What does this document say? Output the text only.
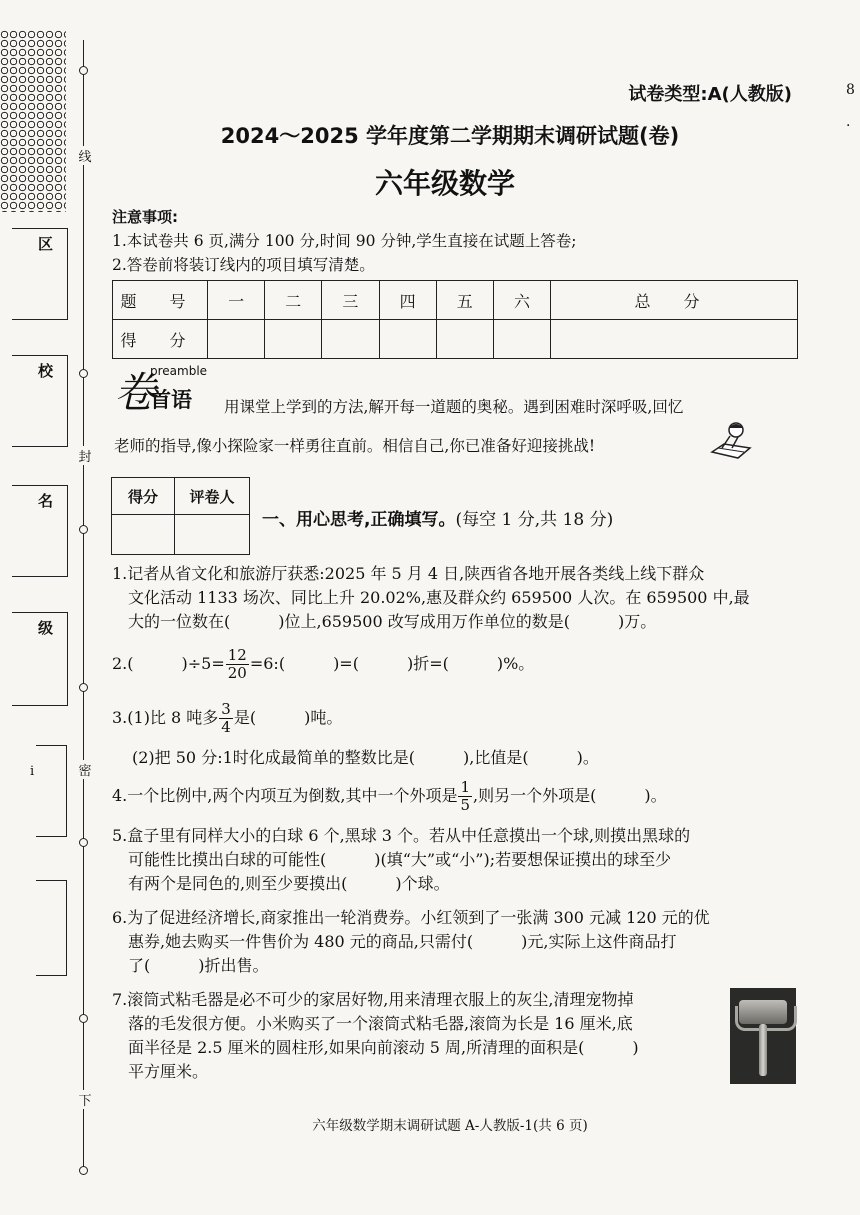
线
封
密
下
区
校
名
级
i
试卷类型:A(人教版)
2024～2025 学年度第二学期期末调研试题(卷)
六年级数学
注意事项:
1.本试卷共 6 页,满分 100 分,时间 90 分钟,学生直接在试题上答卷;
2.答卷前将装订线内的项目填写清楚。
题 号	一	二	三	四	五	六	总 分
得 分							
卷
preamble
首语 用课堂上学到的方法,解开每一道题的奥秘。遇到困难时深呼吸,回忆
老师的指导,像小探险家一样勇往直前。相信自己,你已准备好迎接挑战!
得分	评卷人

一、用心思考,正确填写。(每空 1 分,共 18 分)
1.记者从省文化和旅游厅获悉:2025 年 5 月 4 日,陕西省各地开展各类线上线下群众
文化活动 1133 场次、同比上升 20.02%,惠及群众约 659500 人次。在 659500 中,最
大的一位数在(　　　)位上,659500 改写成用万作单位的数是(　　　)万。
2.(　　　)$\div 5= \frac{12}{20}$ =6:(　　　)=(　　　)折=(　　　)%。
3.(1)比 8 吨多 $\frac{3}{4}$ 是(　　　)吨。
(2)把 50 分:1时化成最简单的整数比是(　　　),比值是(　　　)。
4.一个比例中,两个内项互为倒数,其中一个外项是 $\frac{1}{5}$ ,则另一个外项是(　　　)。
5.盒子里有同样大小的白球 6 个,黑球 3 个。若从中任意摸出一个球,则摸出黑球的
可能性比摸出白球的可能性(　　　)(填“大”或“小”);若要想保证摸出的球至少
有两个是同色的,则至少要摸出(　　　)个球。
6.为了促进经济增长,商家推出一轮消费券。小红领到了一张满 300 元减 120 元的优
惠券,她去购买一件售价为 480 元的商品,只需付(　　　)元,实际上这件商品打
了(　　　)折出售。
7.滚筒式粘毛器是必不可少的家居好物,用来清理衣服上的灰尘,清理宠物掉
落的毛发很方便。小米购买了一个滚筒式粘毛器,滚筒为长是 16 厘米,底
面半径是 2.5 厘米的圆柱形,如果向前滚动 5 周,所清理的面积是(　　　)
平方厘米。
六年级数学期末调研试题 A-人教版-1(共 6 页)
8
·
